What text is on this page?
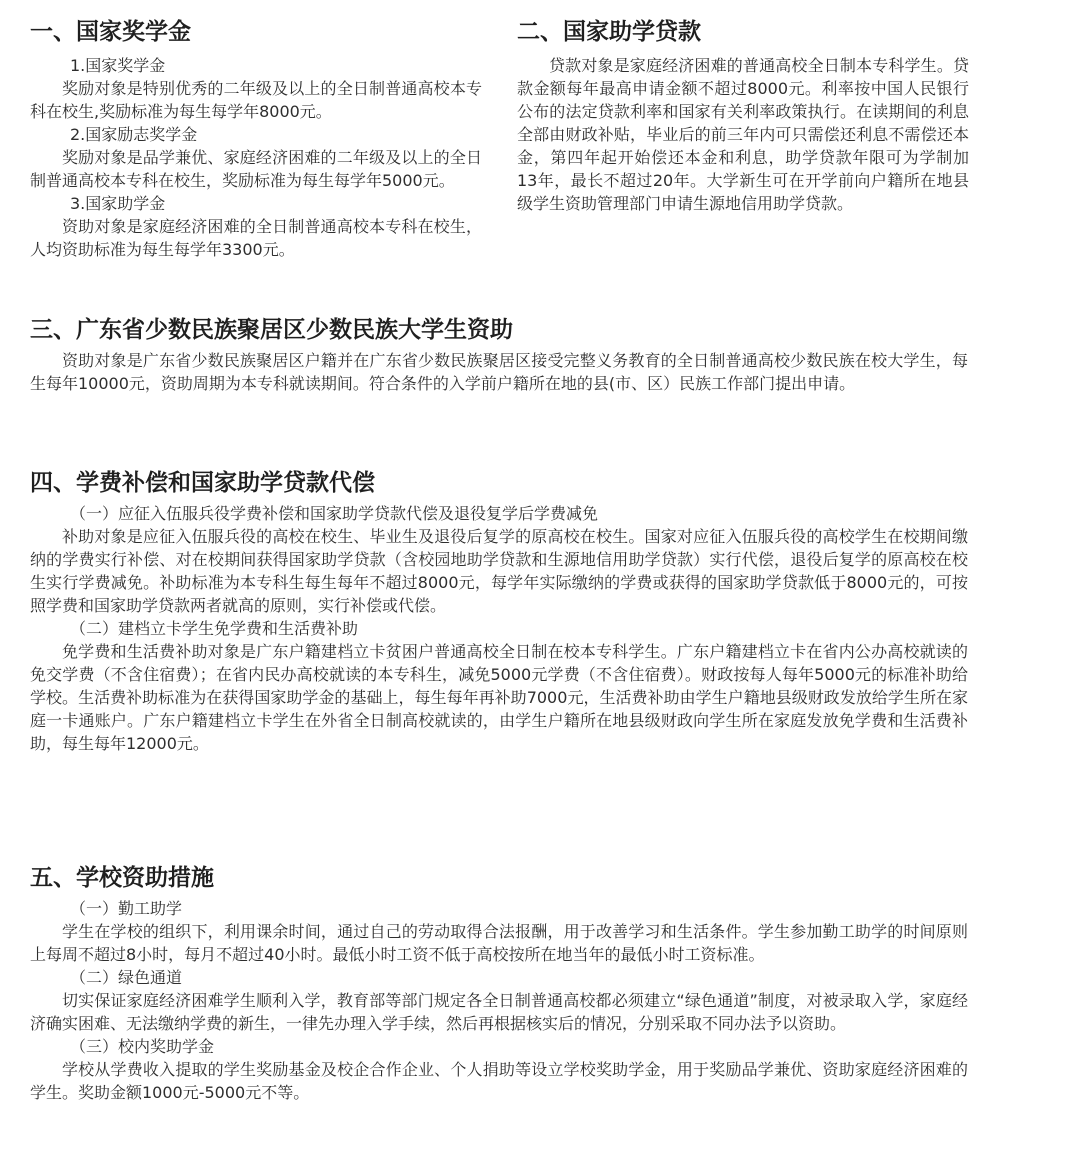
一、国家奖学金

1.国家奖学金

奖励对象是特别优秀的二年级及以上的全日制普通高校本专科在校生,奖励标准为每生每学年8000元。

2.国家励志奖学金

奖励对象是品学兼优、家庭经济困难的二年级及以上的全日制普通高校本专科在校生，奖励标准为每生每学年5000元。

3.国家助学金

资助对象是家庭经济困难的全日制普通高校本专科在校生，人均资助标准为每生每学年3300元。

二、国家助学贷款

贷款对象是家庭经济困难的普通高校全日制本专科学生。贷款金额每年最高申请金额不超过8000元。利率按中国人民银行公布的法定贷款利率和国家有关利率政策执行。在读期间的利息全部由财政补贴，毕业后的前三年内可只需偿还利息不需偿还本金，第四年起开始偿还本金和利息，助学贷款年限可为学制加13年，最长不超过20年。大学新生可在开学前向户籍所在地县级学生资助管理部门申请生源地信用助学贷款。

三、广东省少数民族聚居区少数民族大学生资助

资助对象是广东省少数民族聚居区户籍并在广东省少数民族聚居区接受完整义务教育的全日制普通高校少数民族在校大学生，每生每年10000元，资助周期为本专科就读期间。符合条件的入学前户籍所在地的县(市、区）民族工作部门提出申请。

四、学费补偿和国家助学贷款代偿

（一）应征入伍服兵役学费补偿和国家助学贷款代偿及退役复学后学费减免

补助对象是应征入伍服兵役的高校在校生、毕业生及退役后复学的原高校在校生。国家对应征入伍服兵役的高校学生在校期间缴纳的学费实行补偿、对在校期间获得国家助学贷款（含校园地助学贷款和生源地信用助学贷款）实行代偿，退役后复学的原高校在校生实行学费减免。补助标准为本专科生每生每年不超过8000元，每学年实际缴纳的学费或获得的国家助学贷款低于8000元的，可按照学费和国家助学贷款两者就高的原则，实行补偿或代偿。

（二）建档立卡学生免学费和生活费补助

免学费和生活费补助对象是广东户籍建档立卡贫困户普通高校全日制在校本专科学生。广东户籍建档立卡在省内公办高校就读的免交学费（不含住宿费）；在省内民办高校就读的本专科生，减免5000元学费（不含住宿费）。财政按每人每年5000元的标准补助给学校。生活费补助标准为在获得国家助学金的基础上，每生每年再补助7000元，生活费补助由学生户籍地县级财政发放给学生所在家庭一卡通账户。广东户籍建档立卡学生在外省全日制高校就读的，由学生户籍所在地县级财政向学生所在家庭发放免学费和生活费补助，每生每年12000元。

五、学校资助措施

（一）勤工助学

学生在学校的组织下，利用课余时间，通过自己的劳动取得合法报酬，用于改善学习和生活条件。学生参加勤工助学的时间原则上每周不超过8小时，每月不超过40小时。最低小时工资不低于高校按所在地当年的最低小时工资标准。

（二）绿色通道

切实保证家庭经济困难学生顺利入学，教育部等部门规定各全日制普通高校都必须建立“绿色通道”制度，对被录取入学，家庭经济确实困难、无法缴纳学费的新生，一律先办理入学手续，然后再根据核实后的情况，分别采取不同办法予以资助。

（三）校内奖助学金

学校从学费收入提取的学生奖励基金及校企合作企业、个人捐助等设立学校奖助学金，用于奖励品学兼优、资助家庭经济困难的学生。奖助金额1000元-5000元不等。
